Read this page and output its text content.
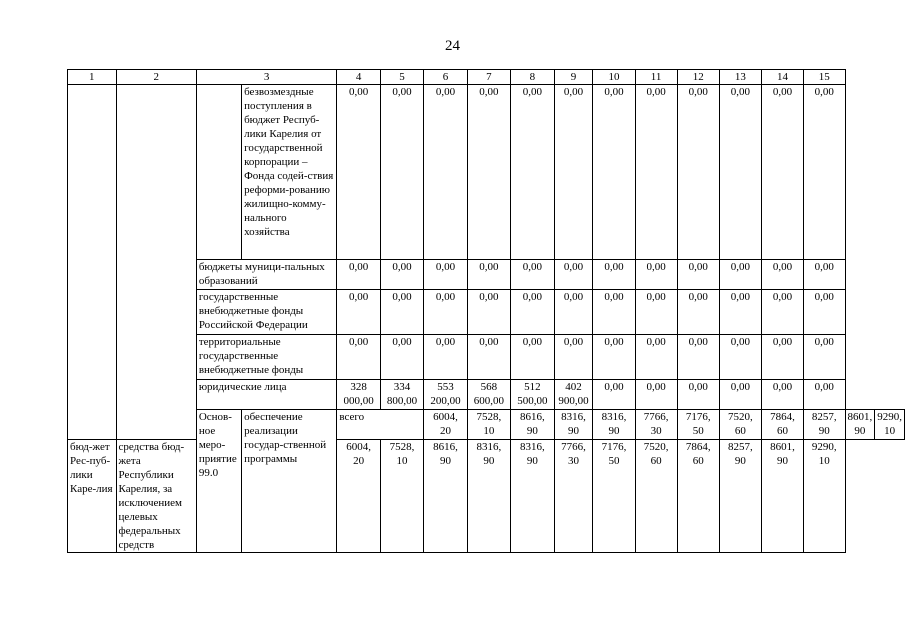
24
1	2	3		4	5	6	7	8	9	10	11	12	13	14	15		
			безвозмездные поступления в бюджет Респуб-лики Карелия от государственной корпорации – Фонда содей-ствия реформи-рованию жилищно-комму-нального хозяйства	0,00	0,00	0,00	0,00	0,00	0,00	0,00	0,00	0,00	0,00	0,00	0,00		
		бюджеты муници-пальных образований		0,00	0,00	0,00	0,00	0,00	0,00	0,00	0,00	0,00	0,00	0,00	0,00		
		государственные внебюджетные фонды Российской Федерации		0,00	0,00	0,00	0,00	0,00	0,00	0,00	0,00	0,00	0,00	0,00	0,00		
		территориальные государственные внебюджетные фонды		0,00	0,00	0,00	0,00	0,00	0,00	0,00	0,00	0,00	0,00	0,00	0,00		
		юридические лица		328 000,00	334 800,00	553 200,00	568 600,00	512 500,00	402 900,00	0,00	0,00	0,00	0,00	0,00	0,00		
		Основ-ное меро-приятие 99.0	обеспечение реализации государ-ственной программы	всего		6004, 20	7528, 10	8616, 90	8316, 90	8316, 90	7766, 30	7176, 50	7520, 60	7864, 60	8257, 90	8601, 90	9290, 10
бюд-жет Рес-пуб-лики Каре-лия	средства бюд-жета Республики Карелия, за исключением целевых федеральных средств			6004, 20	7528, 10	8616, 90	8316, 90	8316, 90	7766, 30	7176, 50	7520, 60	7864, 60	8257, 90	8601, 90	9290, 10		
